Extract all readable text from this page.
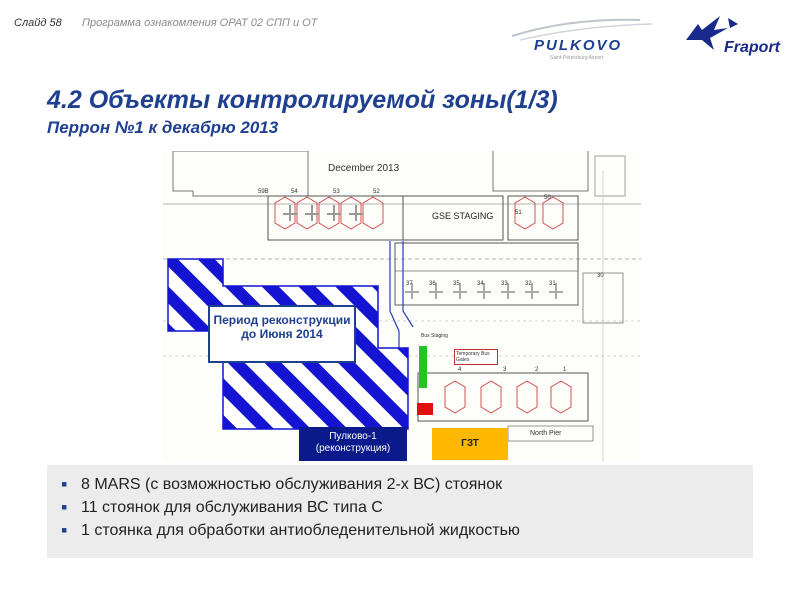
Слайд 58 Программа ознакомления ОРАТ 02 СПП и ОТ
PULKOVO
Saint-Petersburg Airport
Fraport
4.2 Объекты контролируемой зоны(1/3)
Перрон №1 к декабрю 2013
59B	54	53	52
51
50
37	36	35	34	33	32	31
30
4	3	2	1
Bus Staging
Temporary Bus Gates
December 2013
GSE STAGING
North Pier
Период реконструкции до Июня 2014
Пулково-1 (реконструкция)	ГЗТ
▪ 8 MARS (с возможностью обслуживания 2-х ВС) стоянок
▪ 11 стоянок для обслуживания ВС типа С
▪ 1 стоянка для обработки антиобледенительной жидкостью
